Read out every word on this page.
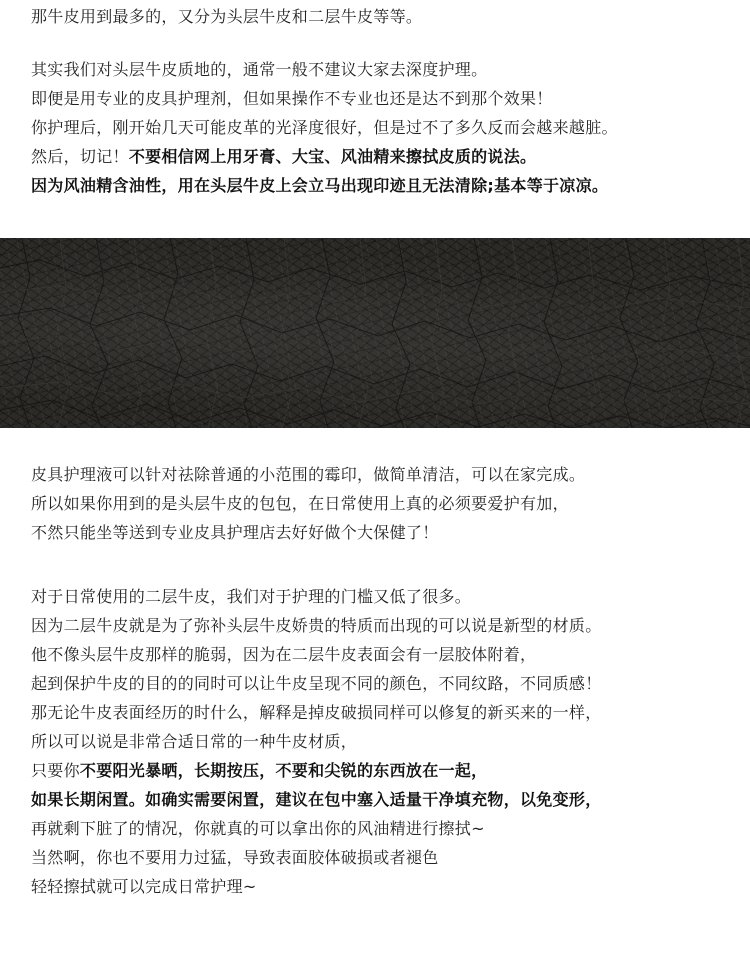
那牛皮用到最多的，又分为头层牛皮和二层牛皮等等。
其实我们对头层牛皮质地的，通常一般不建议大家去深度护理。
即便是用专业的皮具护理剂，但如果操作不专业也还是达不到那个效果！
你护理后，刚开始几天可能皮革的光泽度很好，但是过不了多久反而会越来越脏。
然后，切记！不要相信网上用牙膏、大宝、风油精来擦拭皮质的说法。
因为风油精含油性，用在头层牛皮上会立马出现印迹且无法清除;基本等于凉凉。
皮具护理液可以针对祛除普通的小范围的霉印，做简单清洁，可以在家完成。
所以如果你用到的是头层牛皮的包包，在日常使用上真的必须要爱护有加，
不然只能坐等送到专业皮具护理店去好好做个大保健了！
对于日常使用的二层牛皮，我们对于护理的门槛又低了很多。
因为二层牛皮就是为了弥补头层牛皮娇贵的特质而出现的可以说是新型的材质。
他不像头层牛皮那样的脆弱，因为在二层牛皮表面会有一层胶体附着，
起到保护牛皮的目的的同时可以让牛皮呈现不同的颜色，不同纹路，不同质感！
那无论牛皮表面经历的时什么，解释是掉皮破损同样可以修复的新买来的一样，
所以可以说是非常合适日常的一种牛皮材质，
只要你不要阳光暴晒，长期按压，不要和尖锐的东西放在一起，
如果长期闲置。如确实需要闲置，建议在包中塞入适量干净填充物，以免变形，
再就剩下脏了的情况，你就真的可以拿出你的风油精进行擦拭~
当然啊，你也不要用力过猛，导致表面胶体破损或者褪色
轻轻擦拭就可以完成日常护理~
